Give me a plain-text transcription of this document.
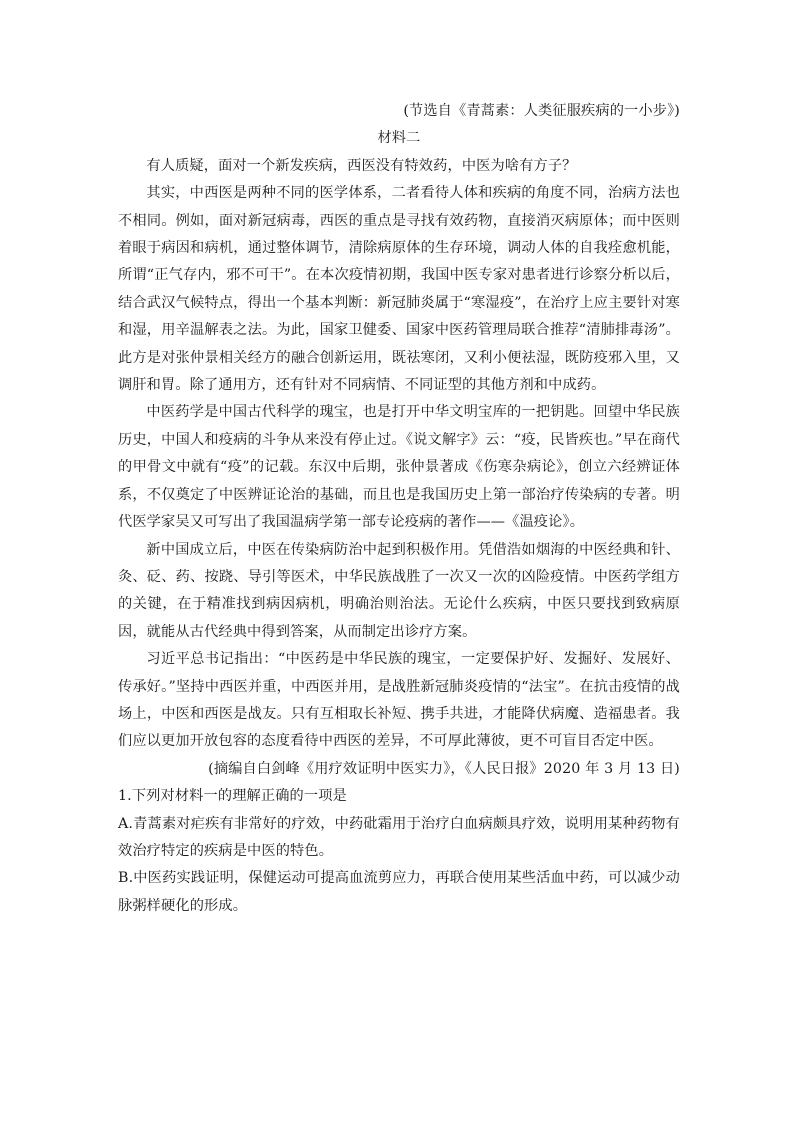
(节选自《青蒿素：人类征服疾病的一小步》)

材料二

有人质疑，面对一个新发疾病，西医没有特效药，中医为啥有方子？

其实，中西医是两种不同的医学体系，二者看待人体和疾病的角度不同，治病方法也不相同。例如，面对新冠病毒，西医的重点是寻找有效药物，直接消灭病原体；而中医则着眼于病因和病机，通过整体调节，清除病原体的生存环境，调动人体的自我痊愈机能，所谓“正气存内，邪不可干”。在本次疫情初期，我国中医专家对患者进行诊察分析以后，结合武汉气候特点，得出一个基本判断：新冠肺炎属于“寒湿疫”，在治疗上应主要针对寒和湿，用辛温解表之法。为此，国家卫健委、国家中医药管理局联合推荐“清肺排毒汤”。此方是对张仲景相关经方的融合创新运用，既祛寒闭，又利小便祛湿，既防疫邪入里，又调肝和胃。除了通用方，还有针对不同病情、不同证型的其他方剂和中成药。

中医药学是中国古代科学的瑰宝，也是打开中华文明宝库的一把钥匙。回望中华民族历史，中国人和疫病的斗争从来没有停止过。《说文解字》云：“疫，民皆疾也。”早在商代的甲骨文中就有“疫”的记载。东汉中后期，张仲景著成《伤寒杂病论》，创立六经辨证体系，不仅奠定了中医辨证论治的基础，而且也是我国历史上第一部治疗传染病的专著。明代医学家吴又可写出了我国温病学第一部专论疫病的著作——《温疫论》。

新中国成立后，中医在传染病防治中起到积极作用。凭借浩如烟海的中医经典和针、灸、砭、药、按跷、导引等医术，中华民族战胜了一次又一次的凶险疫情。中医药学组方的关键，在于精准找到病因病机，明确治则治法。无论什么疾病，中医只要找到致病原因，就能从古代经典中得到答案，从而制定出诊疗方案。

习近平总书记指出：“中医药是中华民族的瑰宝，一定要保护好、发掘好、发展好、传承好。”坚持中西医并重，中西医并用，是战胜新冠肺炎疫情的“法宝”。在抗击疫情的战场上，中医和西医是战友。只有互相取长补短、携手共进，才能降伏病魔、造福患者。我们应以更加开放包容的态度看待中西医的差异，不可厚此薄彼，更不可盲目否定中医。

(摘编自白剑峰《用疗效证明中医实力》，《人民日报》2020 年 3 月 13 日)

1.下列对材料一的理解正确的一项是

A.青蒿素对疟疾有非常好的疗效，中药砒霜用于治疗白血病颇具疗效，说明用某种药物有效治疗特定的疾病是中医的特色。

B.中医药实践证明，保健运动可提高血流剪应力，再联合使用某些活血中药，可以减少动脉粥样硬化的形成。
